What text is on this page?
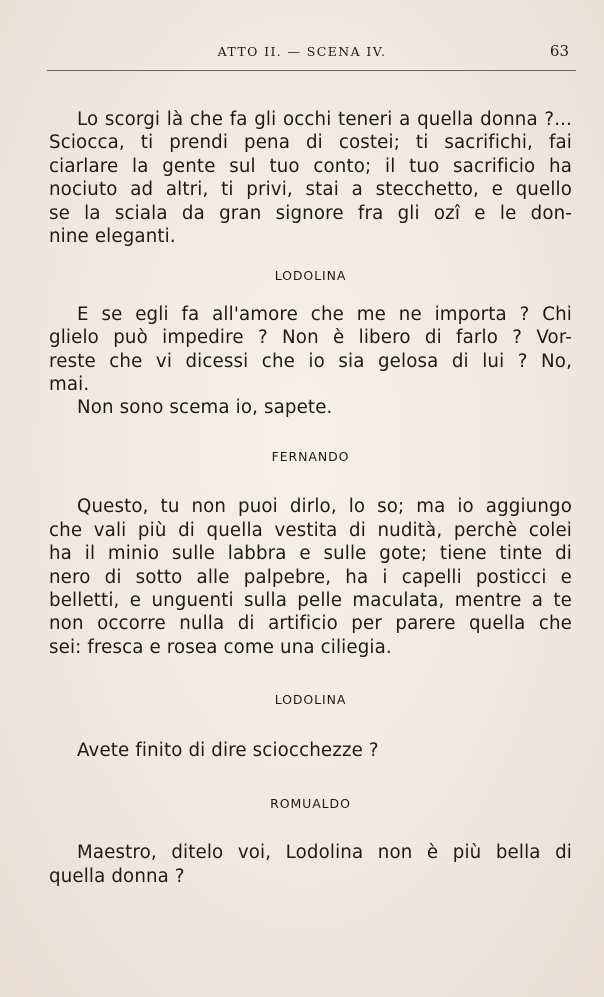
ATTO II. — SCENA IV.	63

Lo scorgi là che fa gli occhi teneri a quella donna ?...
Sciocca, ti prendi pena di costei; ti sacrifichi, fai
ciarlare la gente sul tuo conto; il tuo sacrificio ha
nociuto ad altri, ti privi, stai a stecchetto, e quello
se la sciala da gran signore fra gli ozî e le don-
nine eleganti.

LODOLINA

E se egli fa all'amore che me ne importa ? Chi
glielo può impedire ? Non è libero di farlo ? Vor-
reste che vi dicessi che io sia gelosa di lui ? No,
mai.

Non sono scema io, sapete.

FERNANDO

Questo, tu non puoi dirlo, lo so; ma io aggiungo
che vali più di quella vestita di nudità, perchè colei
ha il minio sulle labbra e sulle gote; tiene tinte di
nero di sotto alle palpebre, ha i capelli posticci e
belletti, e unguenti sulla pelle maculata, mentre a te
non occorre nulla di artificio per parere quella che
sei: fresca e rosea come una ciliegia.

LODOLINA

Avete finito di dire sciocchezze ?

ROMUALDO

Maestro, ditelo voi, Lodolina non è più bella di
quella donna ?
